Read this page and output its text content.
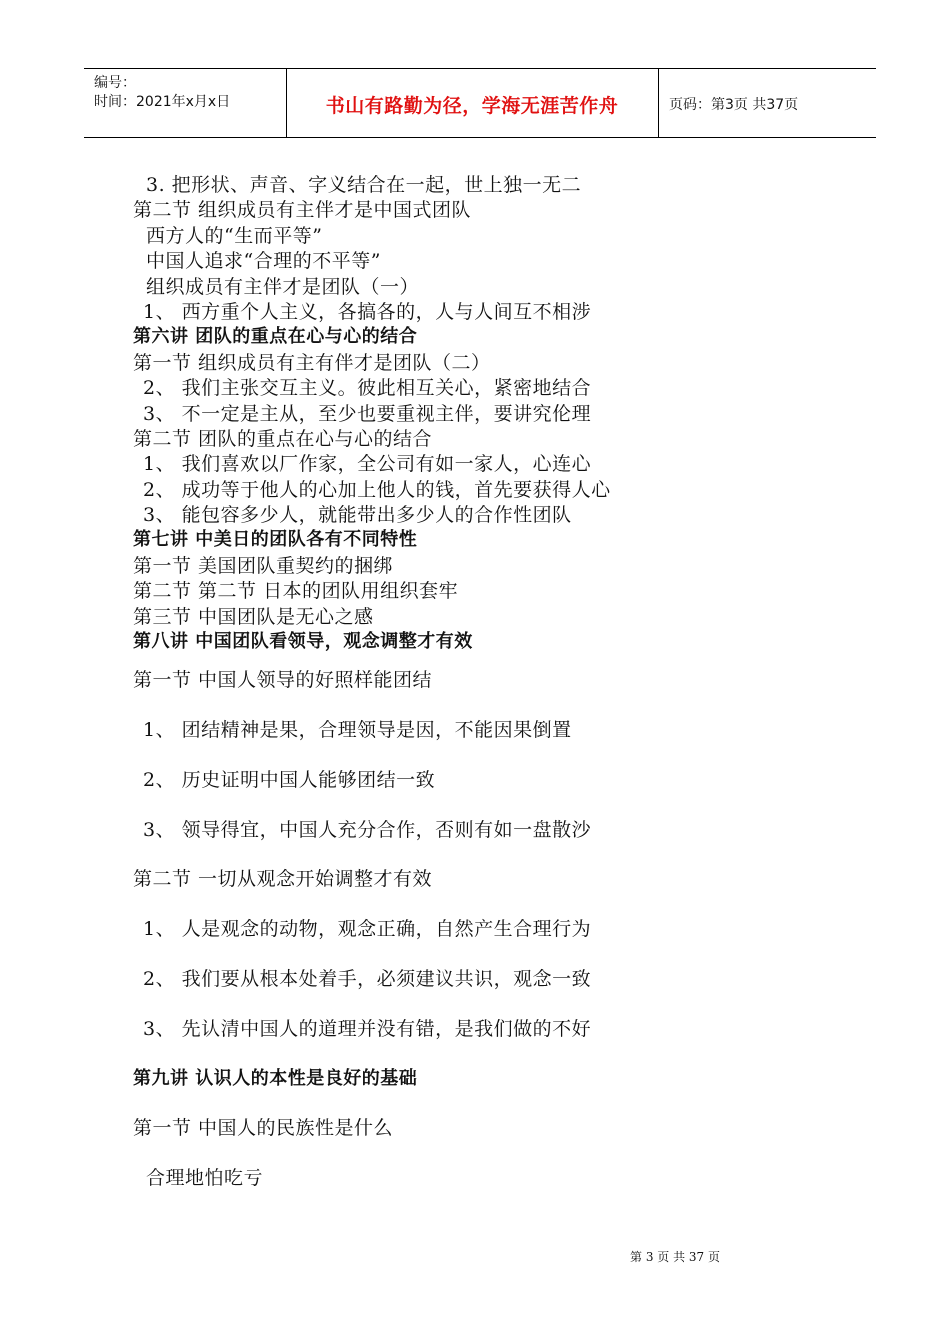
编号：
时间：2021年x月x日	书山有路勤为径，学海无涯苦作舟	页码：第3页 共37页
3. 把形状、声音、字义结合在一起，世上独一无二
第二节 组织成员有主伴才是中国式团队
西方人的“生而平等”
中国人追求“合理的不平等”
组织成员有主伴才是团队（一）
1、 西方重个人主义，各搞各的，人与人间互不相涉
第六讲 团队的重点在心与心的结合
第一节 组织成员有主有伴才是团队（二）
2、 我们主张交互主义。彼此相互关心，紧密地结合
3、 不一定是主从，至少也要重视主伴，要讲究伦理
第二节 团队的重点在心与心的结合
1、 我们喜欢以厂作家，全公司有如一家人，心连心
2、 成功等于他人的心加上他人的钱，首先要获得人心
3、 能包容多少人，就能带出多少人的合作性团队
第七讲 中美日的团队各有不同特性
第一节 美国团队重契约的捆绑
第二节 第二节 日本的团队用组织套牢
第三节 中国团队是无心之感
第八讲 中国团队看领导，观念调整才有效
第一节 中国人领导的好照样能团结
1、 团结精神是果，合理领导是因，不能因果倒置
2、 历史证明中国人能够团结一致
3、 领导得宜，中国人充分合作，否则有如一盘散沙
第二节 一切从观念开始调整才有效
1、 人是观念的动物，观念正确，自然产生合理行为
2、 我们要从根本处着手，必须建议共识，观念一致
3、 先认清中国人的道理并没有错，是我们做的不好
第九讲 认识人的本性是良好的基础
第一节 中国人的民族性是什么
合理地怕吃亏
第 3 页 共 37 页
